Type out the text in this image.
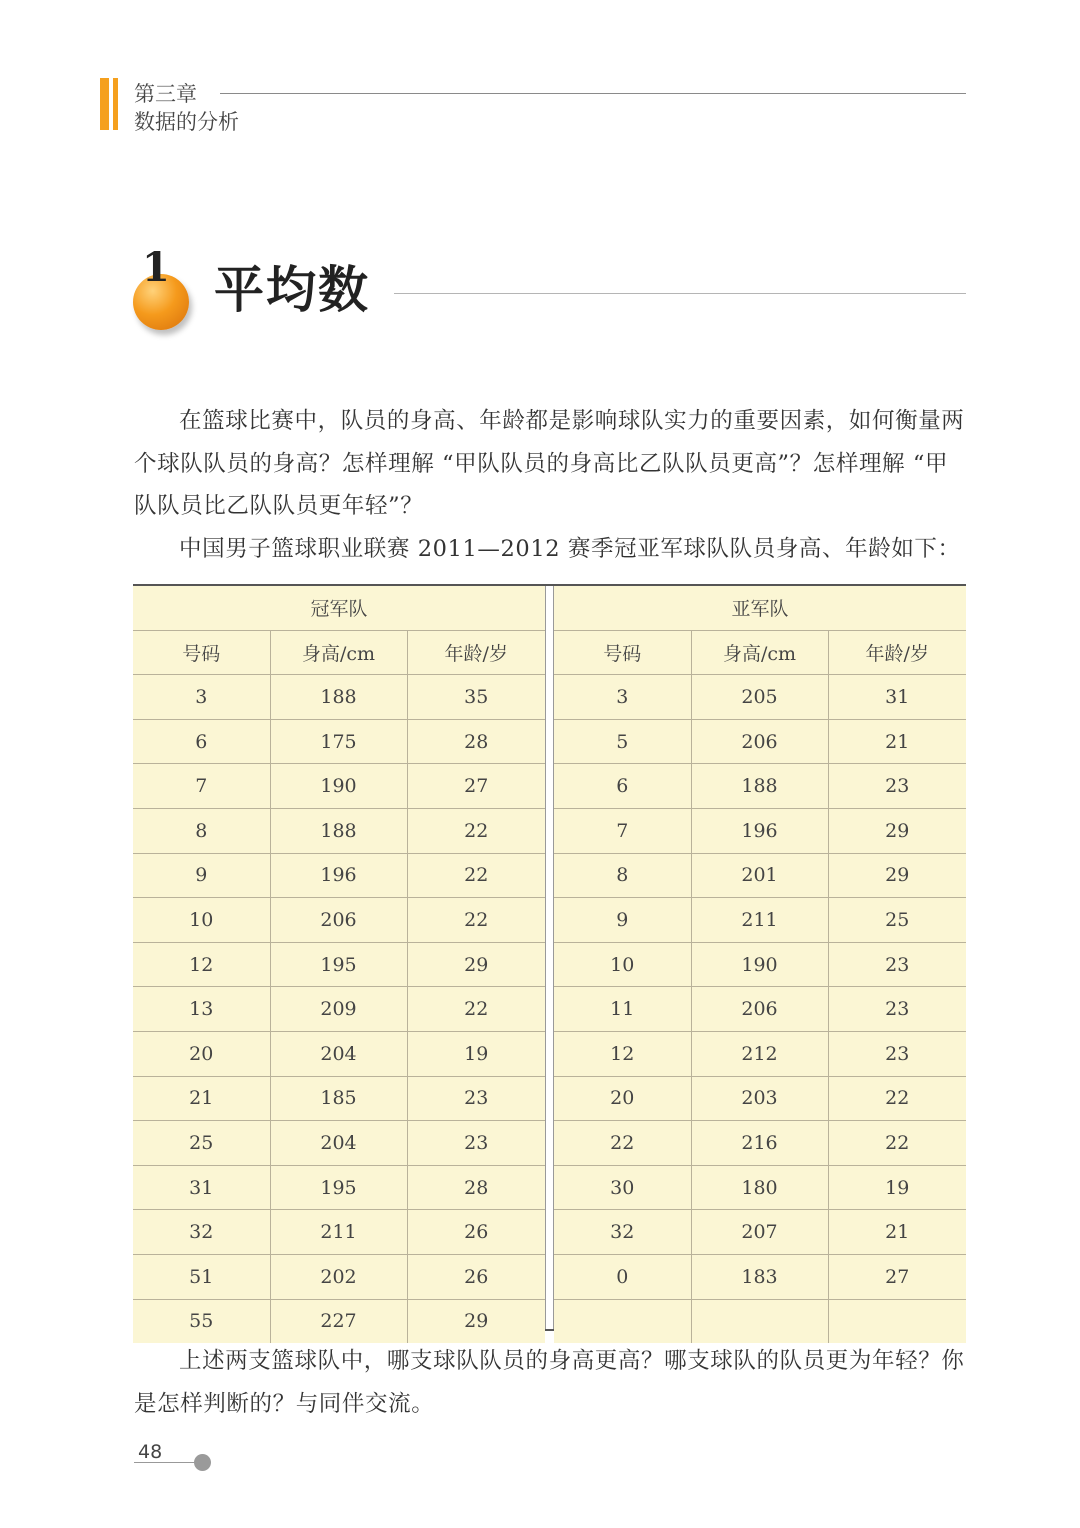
第三章
数据的分析
1 平均数

在篮球比赛中，队员的身高、年龄都是影响球队实力的重要因素，如何衡量两个球队队员的身高？怎样理解 “甲队队员的身高比乙队队员更高”？怎样理解 “甲队队员比乙队队员更年轻”？

中国男子篮球职业联赛 2011—2012 赛季冠亚军球队队员身高、年龄如下：

冠军队		
号码	身高/cm	年龄/岁
3	188	35
6	175	28
7	190	27
8	188	22
9	196	22
10	206	22
12	195	29
13	209	22
20	204	19
21	185	23
25	204	23
31	195	28
32	211	26
51	202	26
55	227	29
亚军队		
号码	身高/cm	年龄/岁
3	205	31
5	206	21
6	188	23
7	196	29
8	201	29
9	211	25
10	190	23
11	206	23
12	212	23
20	203	22
22	216	22
30	180	19
32	207	21
0	183	27

上述两支篮球队中，哪支球队队员的身高更高？哪支球队的队员更为年轻？你是怎样判断的？与同伴交流。

48
